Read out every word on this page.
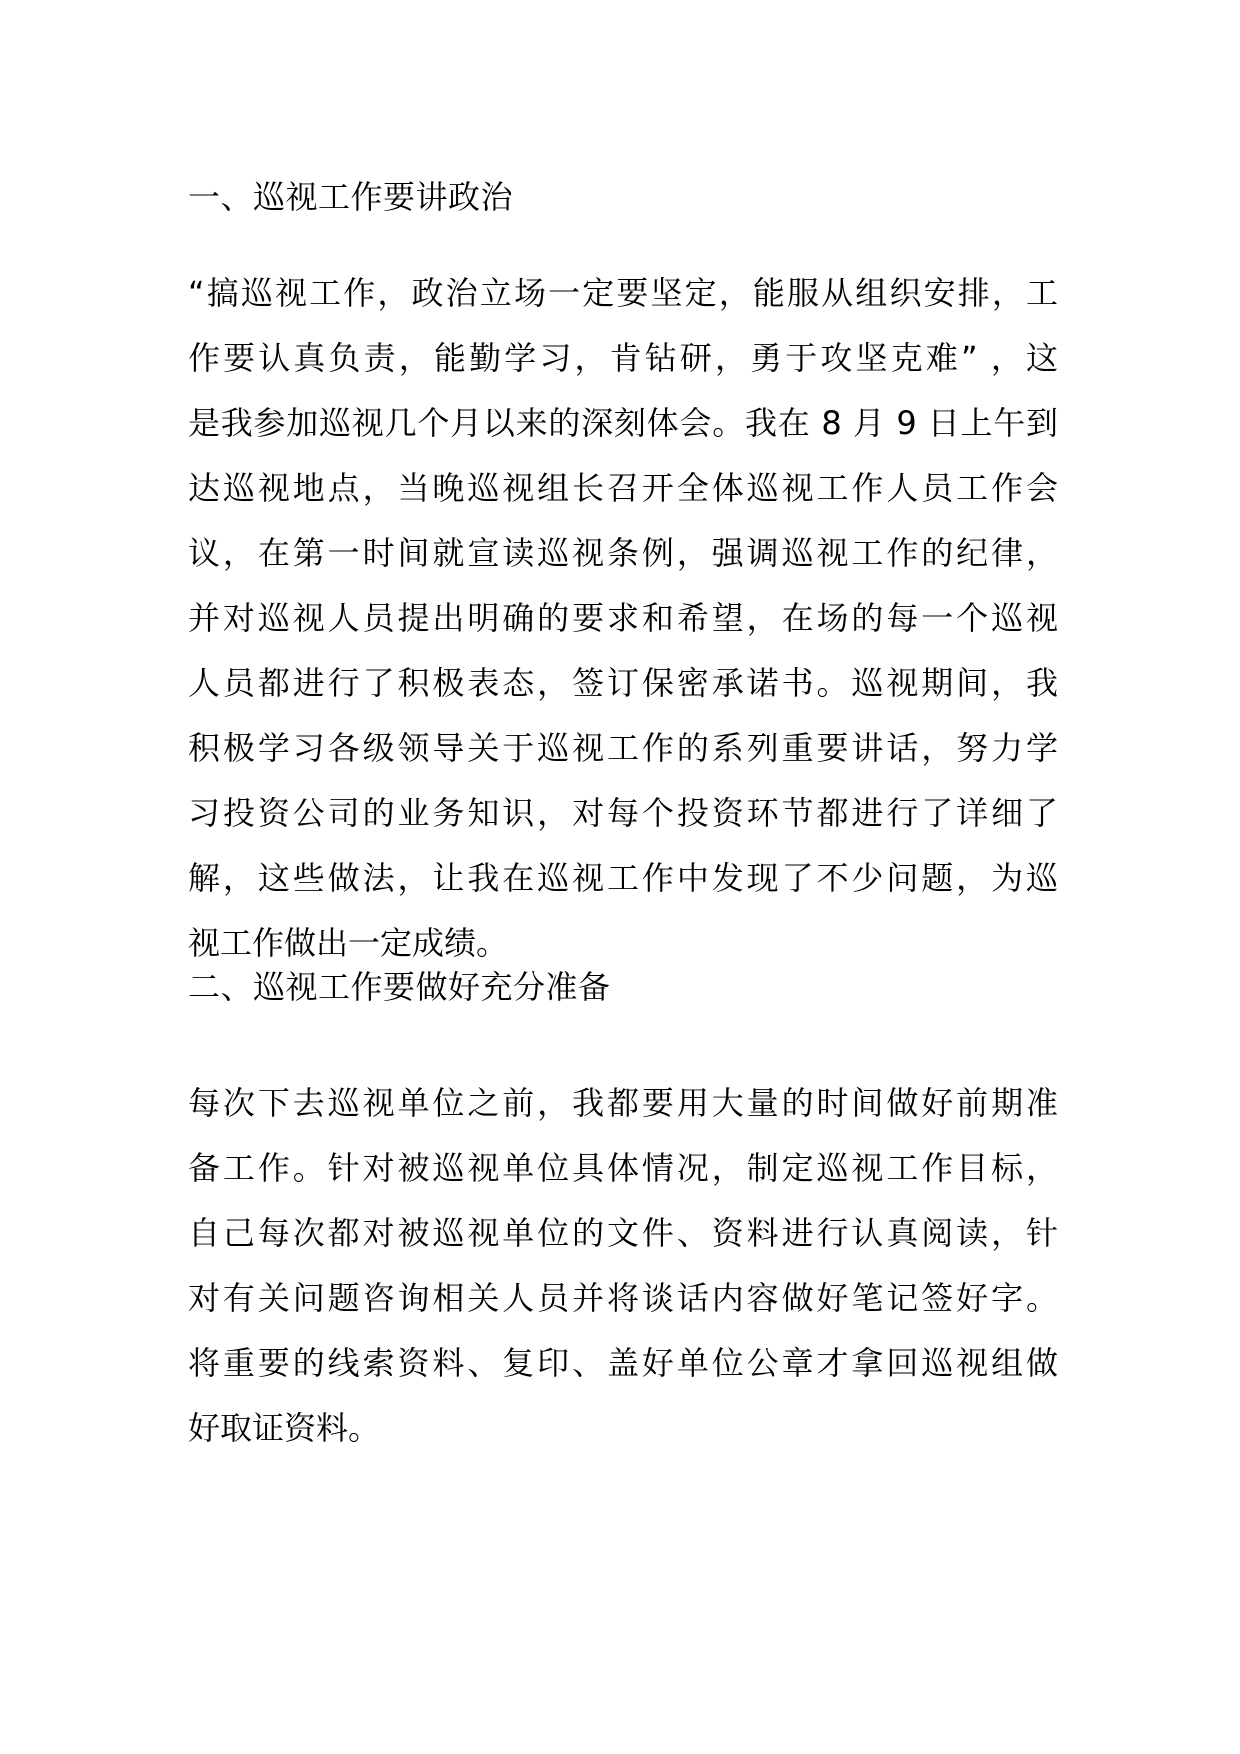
一、巡视工作要讲政治
“搞巡视工作，政治立场一定要坚定，能服从组织安排，工
作要认真负责，能勤学习，肯钻研，勇于攻坚克难” ，这
是我参加巡视几个月以来的深刻体会。我在 8 月 9 日上午到
达巡视地点，当晚巡视组长召开全体巡视工作人员工作会
议，在第一时间就宣读巡视条例，强调巡视工作的纪律，
并对巡视人员提出明确的要求和希望，在场的每一个巡视
人员都进行了积极表态，签订保密承诺书。巡视期间，我
积极学习各级领导关于巡视工作的系列重要讲话，努力学
习投资公司的业务知识，对每个投资环节都进行了详细了
解，这些做法，让我在巡视工作中发现了不少问题，为巡
视工作做出一定成绩。
二、巡视工作要做好充分准备
每次下去巡视单位之前，我都要用大量的时间做好前期准
备工作。针对被巡视单位具体情况，制定巡视工作目标，
自己每次都对被巡视单位的文件、资料进行认真阅读，针
对有关问题咨询相关人员并将谈话内容做好笔记签好字。
将重要的线索资料、复印、盖好单位公章才拿回巡视组做
好取证资料。
